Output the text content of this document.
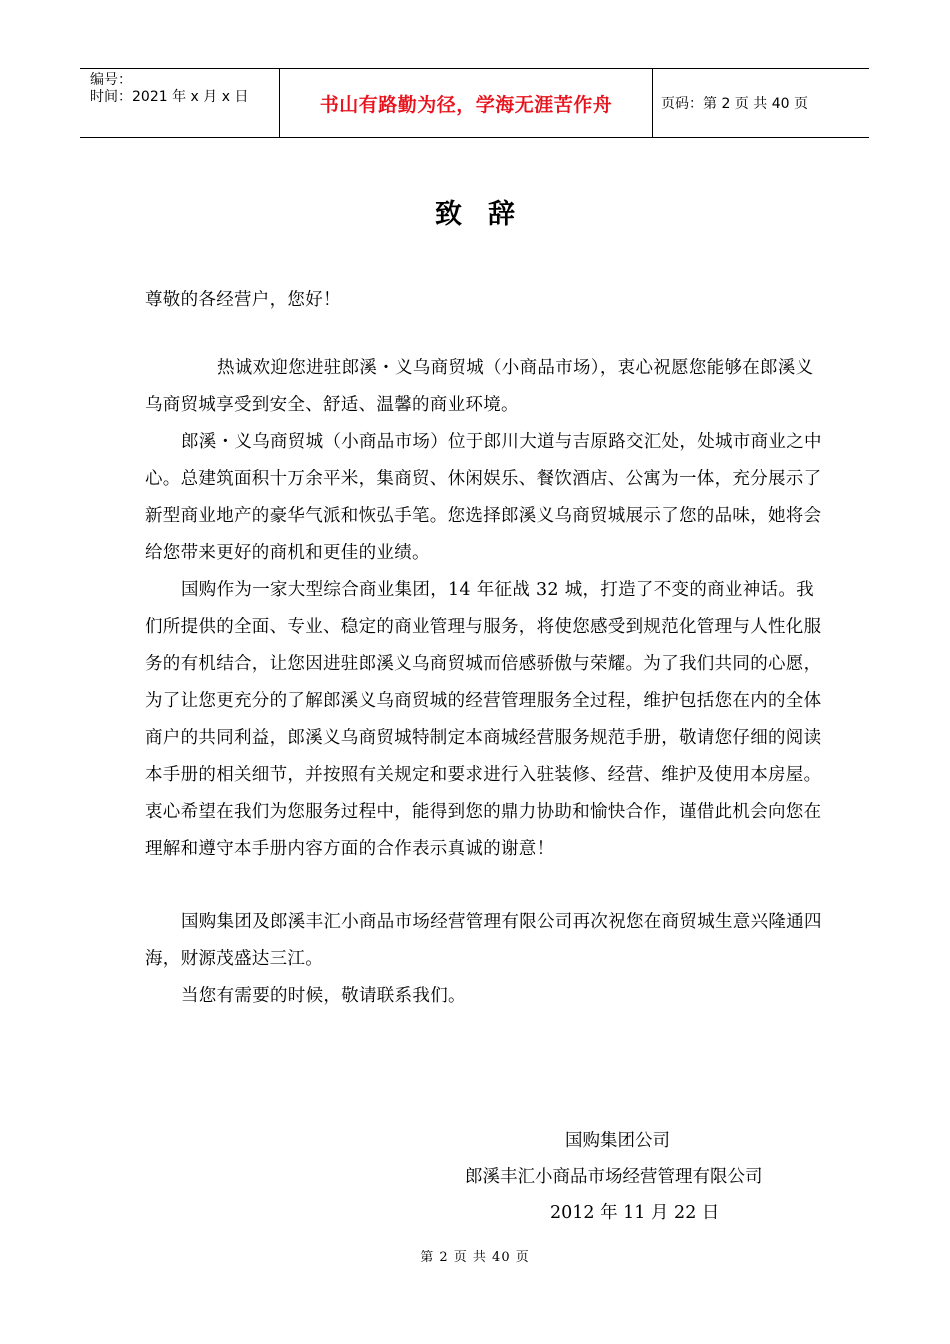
编号：
时间：2021 年 x 月 x 日	书山有路勤为径，学海无涯苦作舟	页码：第 2 页 共 40 页
致辞
尊敬的各经营户，您好！
热诚欢迎您进驻郎溪・义乌商贸城（小商品市场），衷心祝愿您能够在郎溪义乌商贸城享受到安全、舒适、温馨的商业环境。
郎溪・义乌商贸城（小商品市场）位于郎川大道与吉原路交汇处，处城市商业之中心。总建筑面积十万余平米，集商贸、休闲娱乐、餐饮酒店、公寓为一体，充分展示了新型商业地产的豪华气派和恢弘手笔。您选择郎溪义乌商贸城展示了您的品味，她将会给您带来更好的商机和更佳的业绩。
国购作为一家大型综合商业集团，14 年征战 32 城，打造了不变的商业神话。我们所提供的全面、专业、稳定的商业管理与服务，将使您感受到规范化管理与人性化服务的有机结合，让您因进驻郎溪义乌商贸城而倍感骄傲与荣耀。为了我们共同的心愿，为了让您更充分的了解郎溪义乌商贸城的经营管理服务全过程，维护包括您在内的全体商户的共同利益，郎溪义乌商贸城特制定本商城经营服务规范手册，敬请您仔细的阅读本手册的相关细节，并按照有关规定和要求进行入驻装修、经营、维护及使用本房屋。衷心希望在我们为您服务过程中，能得到您的鼎力协助和愉快合作，谨借此机会向您在理解和遵守本手册内容方面的合作表示真诚的谢意！
国购集团及郎溪丰汇小商品市场经营管理有限公司再次祝您在商贸城生意兴隆通四海，财源茂盛达三江。
当您有需要的时候，敬请联系我们。
国购集团公司
郎溪丰汇小商品市场经营管理有限公司
2012 年 11 月 22 日
第 2 页 共 40 页
